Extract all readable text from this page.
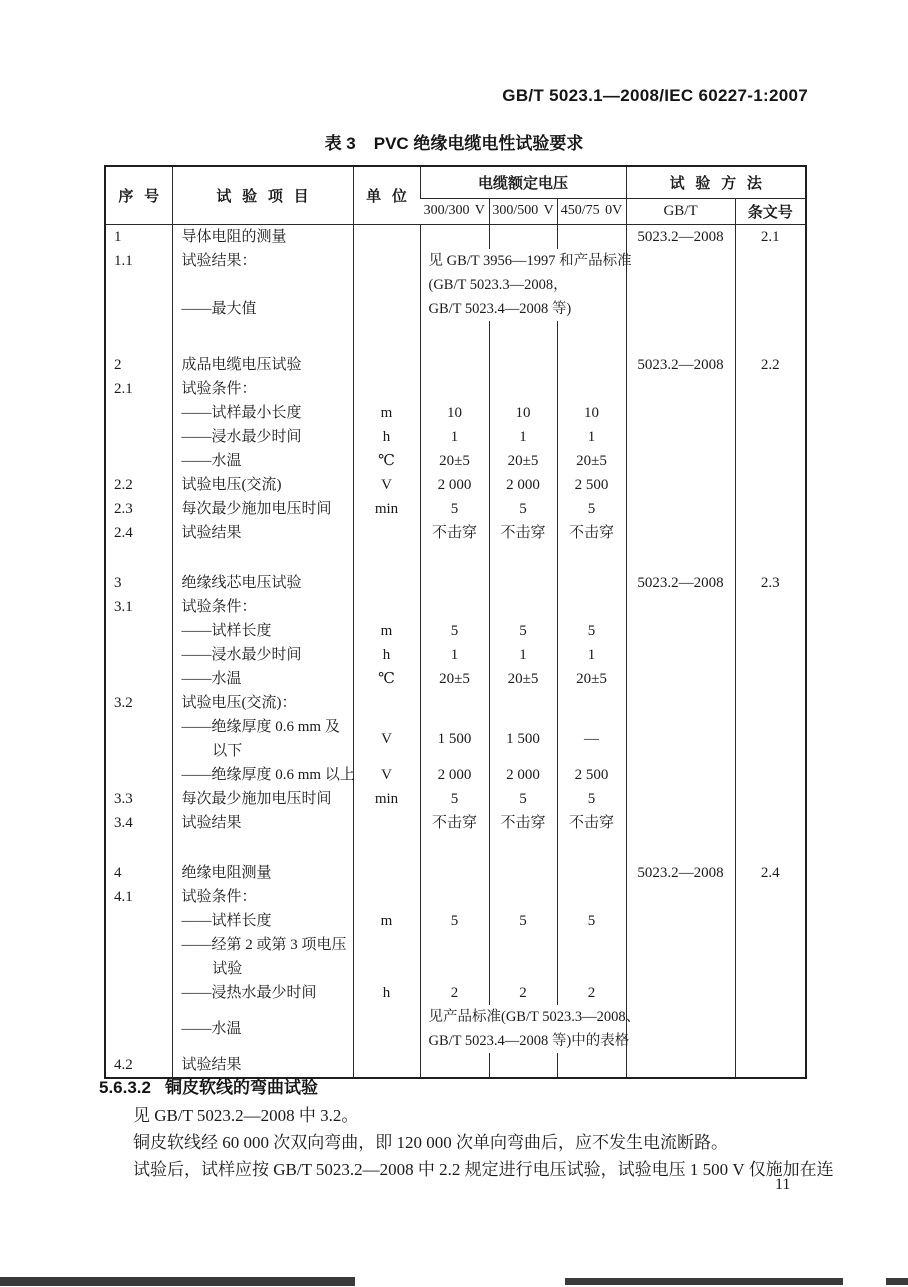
GB/T 5023.1—2008/IEC 60227-1:2007
表 3 PVC 绝缘电缆电性试验要求
序 号	试 验 项 目	单 位	电缆额定电压			试 验 方 法	
			300/300 V	300/500 V	450/75 0V	GB/T	条文号

1	导体电阻的测量					5023.2—2008	2.1

1.1	试验结果：		见 GB/T 3956—1997 和产品标准				

			(GB/T 5023.3—2008，				

	——最大值		GB/T 5023.4—2008 等)				

2	成品电缆电压试验					5023.2—2008	2.2

2.1	试验条件：						

	——试样最小长度	m	10	10	10		

	——浸水最少时间	h	1	1	1		

	——水温	℃	20±5	20±5	20±5		

2.2	试验电压(交流)	V	2 000	2 000	2 500		

2.3	每次最少施加电压时间	min	5	5	5		

2.4	试验结果		不击穿	不击穿	不击穿		

3	绝缘线芯电压试验					5023.2—2008	2.3

3.1	试验条件：						

	——试样长度	m	5	5	5		

	——浸水最少时间	h	1	1	1		

	——水温	℃	20±5	20±5	20±5		

3.2	试验电压(交流)：						

	——绝缘厚度 0.6 mm 及
以下	V	1 500	1 500	—		

	——绝缘厚度 0.6 mm 以上	V	2 000	2 000	2 500		

3.3	每次最少施加电压时间	min	5	5	5		

3.4	试验结果		不击穿	不击穿	不击穿		

4	绝缘电阻测量					5023.2—2008	2.4

4.1	试验条件：						

	——试样长度	m	5	5	5		

	——经第 2 或第 3 项电压
试验						

	——浸热水最少时间	h	2	2	2		

	——水温		见产品标准(GB/T 5023.3—2008、
GB/T 5023.4—2008 等)中的表格				

4.2	试验结果						

5.6.3.2 铜皮软线的弯曲试验

见 GB/T 5023.2—2008 中 3.2。

铜皮软线经 60 000 次双向弯曲，即 120 000 次单向弯曲后，应不发生电流断路。

试验后，试样应按 GB/T 5023.2—2008 中 2.2 规定进行电压试验，试验电压 1 500 V 仅施加在连

11
